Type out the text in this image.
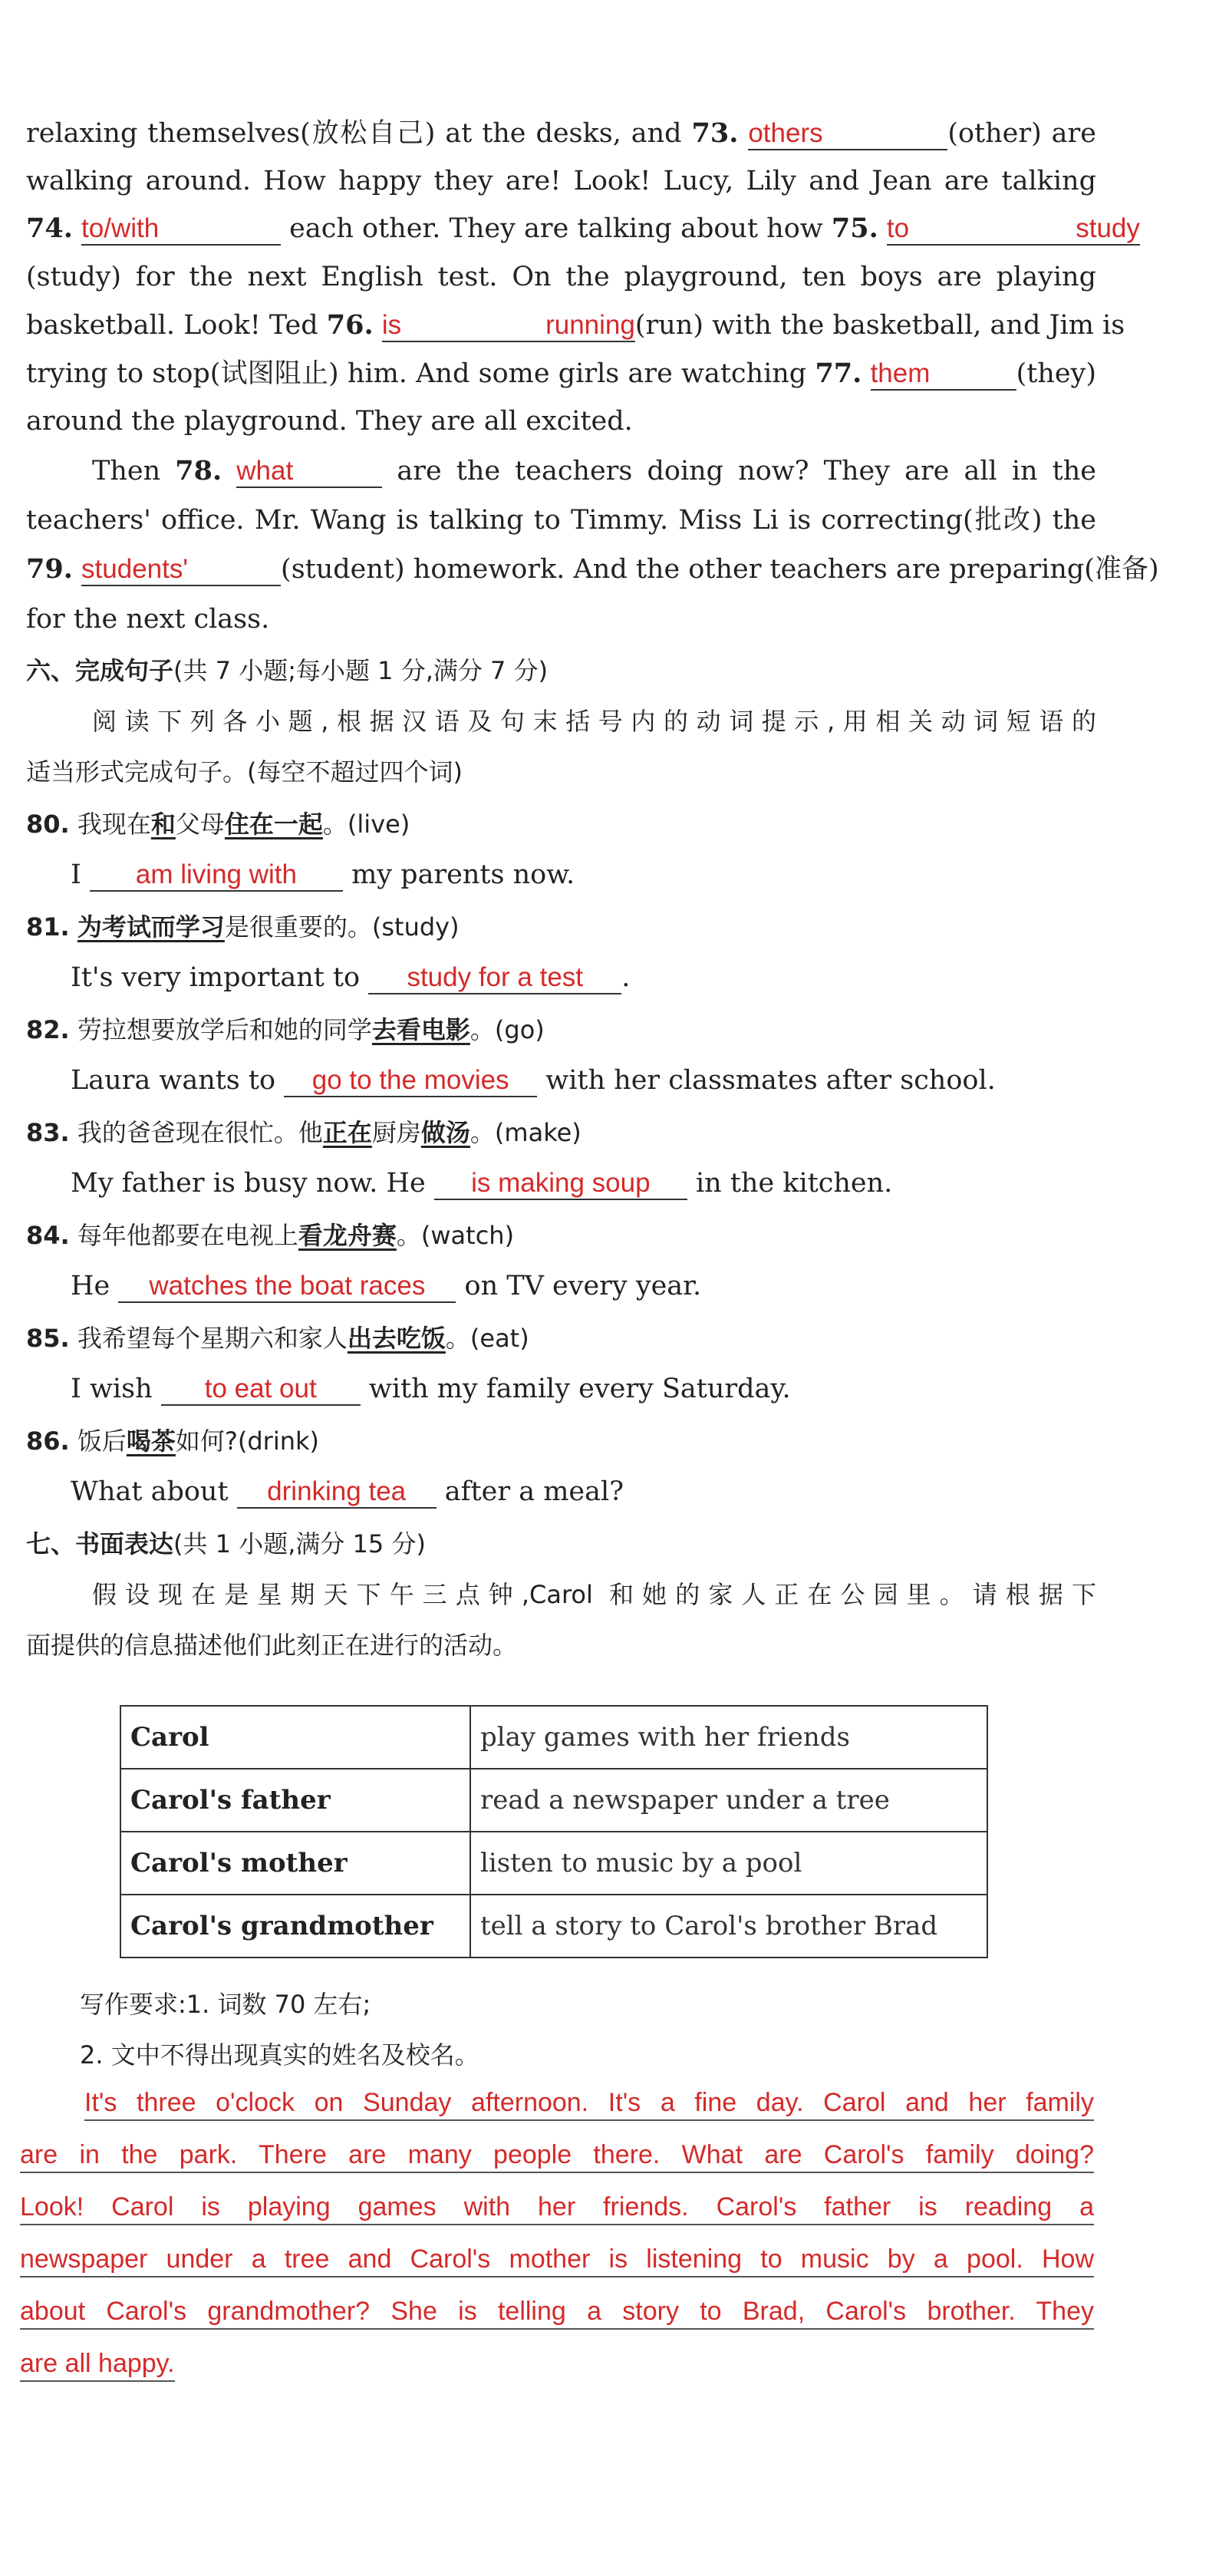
relaxing themselves(放松自己) at the desks, and 73. others	(other) are

walking around. How happy they are! Look! Lucy, Lily and Jean are talking

74. to/with	each other. They are talking about how 75. to study

(study) for the next English test. On the playground, ten boys are playing

basketball. Look! Ted 76. is running(run) with the basketball, and Jim is

trying to stop(试图阻止) him. And some girls are watching 77. them	(they)

around the playground. They are all excited.

Then 78. what	are the teachers doing now? They are all in the

teachers' office. Mr. Wang is talking to Timmy. Miss Li is correcting(批改) the

79. students'	(student) homework. And the other teachers are preparing(准备)

for the next class.

六、完成句子(共 7 小题;每小题 1 分,满分 7 分)

阅读下列各小题,根据汉语及句末括号内的动词提示,用相关动词短语的

适当形式完成句子。(每空不超过四个词)

80. 我现在和父母住在一起。(live)

I am living with my parents now.

81. 为考试而学习是很重要的。(study)

It's very important to study for a test .

82. 劳拉想要放学后和她的同学去看电影。(go)

Laura wants to go to the movies with her classmates after school.

83. 我的爸爸现在很忙。他正在厨房做汤。(make)

My father is busy now. He is making soup in the kitchen.

84. 每年他都要在电视上看龙舟赛。(watch)

He watches the boat races on TV every year.

85. 我希望每个星期六和家人出去吃饭。(eat)

I wish to eat out with my family every Saturday.

86. 饭后喝茶如何?(drink)

What about drinking tea after a meal?

七、书面表达(共 1 小题,满分 15 分)

假设现在是星期天下午三点钟,Carol 和她的家人正在公园里。请根据下

面提供的信息描述他们此刻正在进行的活动。

Carol	play games with her friends
Carol's father	read a newspaper under a tree
Carol's mother	listen to music by a pool
Carol's grandmother	tell a story to Carol's brother Brad

写作要求:1. 词数 70 左右;

2. 文中不得出现真实的姓名及校名。

It's three o'clock on Sunday afternoon. It's a fine day. Carol and her family

are in the park. There are many people there. What are Carol's family doing?

Look! Carol is playing games with her friends. Carol's father is reading a

newspaper under a tree and Carol's mother is listening to music by a pool. How

about Carol's grandmother? She is telling a story to Brad, Carol's brother. They

are all happy.
